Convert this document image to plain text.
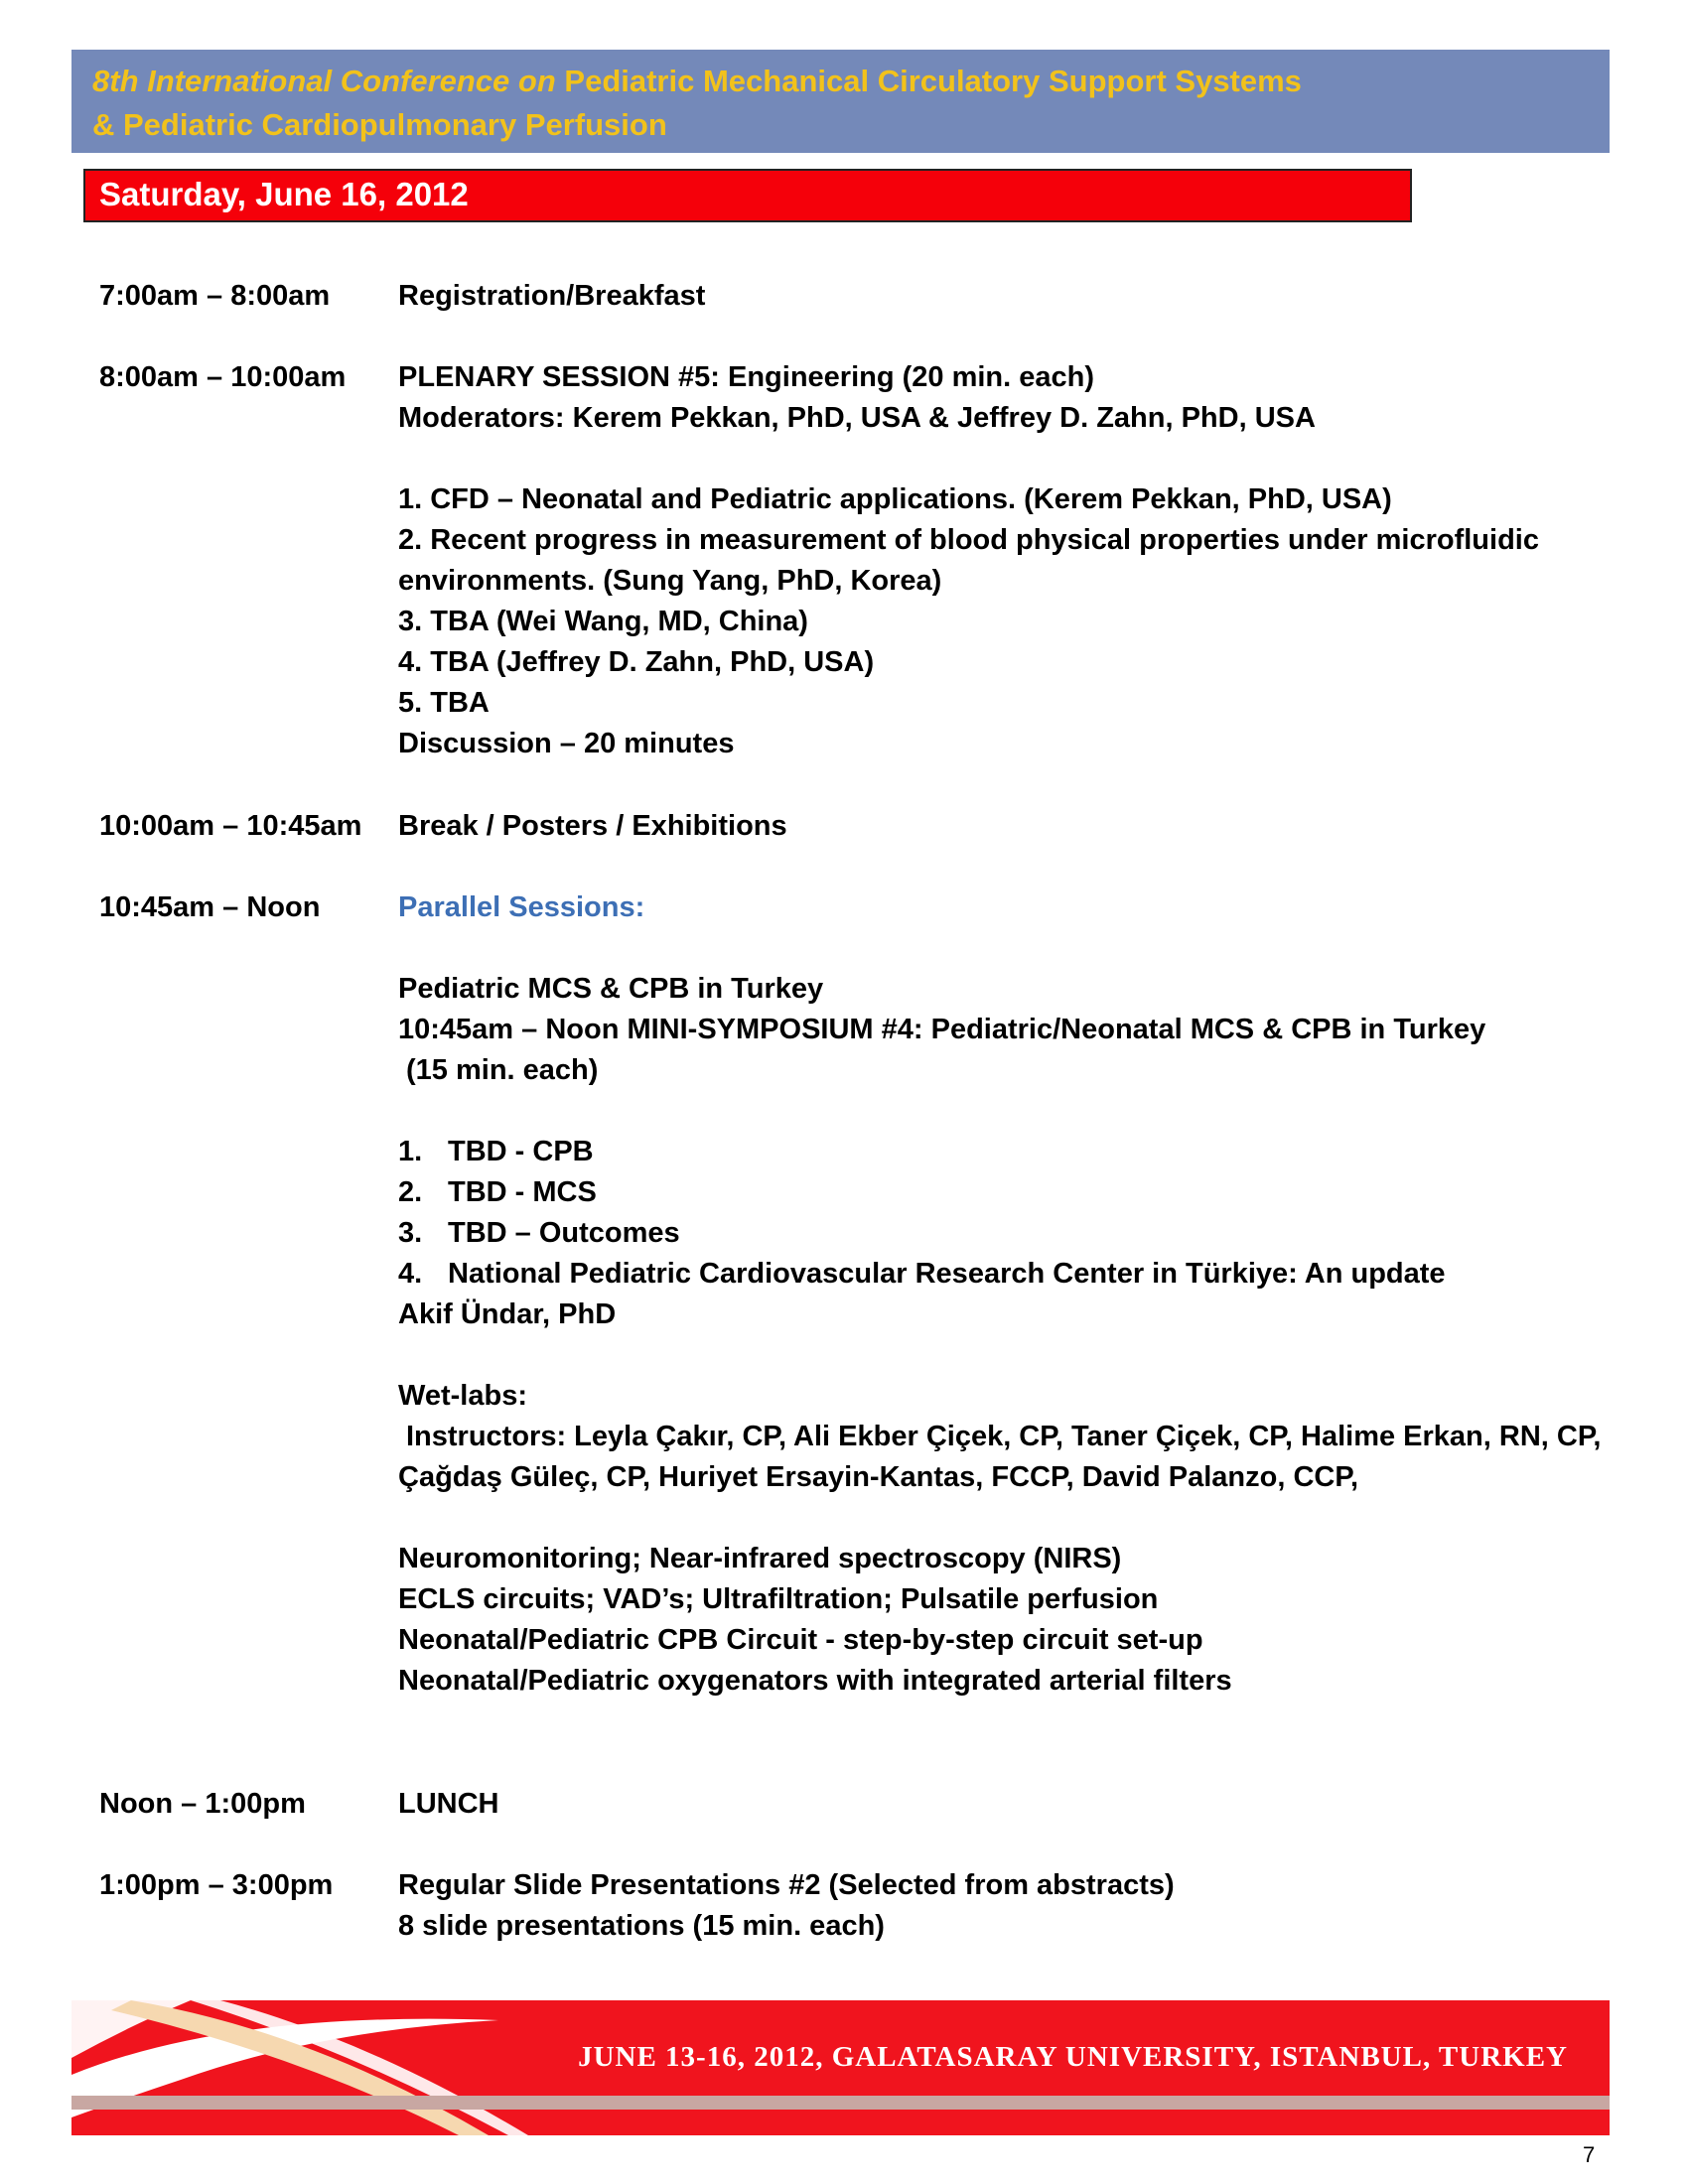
8th International Conference on Pediatric Mechanical Circulatory Support Systems
& Pediatric Cardiopulmonary Perfusion
Saturday, June 16, 2012
7:00am – 8:00am Registration/Breakfast
8:00am – 10:00am PLENARY SESSION #5: Engineering (20 min. each)
Moderators: Kerem Pekkan, PhD, USA & Jeffrey D. Zahn, PhD, USA
1. CFD – Neonatal and Pediatric applications. (Kerem Pekkan, PhD, USA)
2. Recent progress in measurement of blood physical properties under microfluidic
environments. (Sung Yang, PhD, Korea)
3. TBA (Wei Wang, MD, China)
4. TBA (Jeffrey D. Zahn, PhD, USA)
5. TBA
Discussion – 20 minutes
10:00am – 10:45am Break / Posters / Exhibitions
10:45am – Noon	Parallel Sessions:
Pediatric MCS & CPB in Turkey
10:45am – Noon MINI-SYMPOSIUM #4: Pediatric/Neonatal MCS & CPB in Turkey
(15 min. each)
1. TBD - CPB
2. TBD - MCS
3. TBD – Outcomes
4. National Pediatric Cardiovascular Research Center in Türkiye: An update
Akif Ündar, PhD
Wet-labs:
Instructors: Leyla Çakır, CP, Ali Ekber Çiçek, CP, Taner Çiçek, CP, Halime Erkan, RN, CP,
Çağdaş Güleç, CP, Huriyet Ersayin-Kantas, FCCP, David Palanzo, CCP,
Neuromonitoring; Near-infrared spectroscopy (NIRS)
ECLS circuits; VAD’s; Ultrafiltration; Pulsatile perfusion
Neonatal/Pediatric CPB Circuit - step-by-step circuit set-up
Neonatal/Pediatric oxygenators with integrated arterial filters
Noon – 1:00pm	LUNCH
1:00pm – 3:00pm Regular Slide Presentations #2 (Selected from abstracts)
8 slide presentations (15 min. each)
JUNE 13-16, 2012, GALATASARAY UNIVERSITY, ISTANBUL, TURKEY
7
